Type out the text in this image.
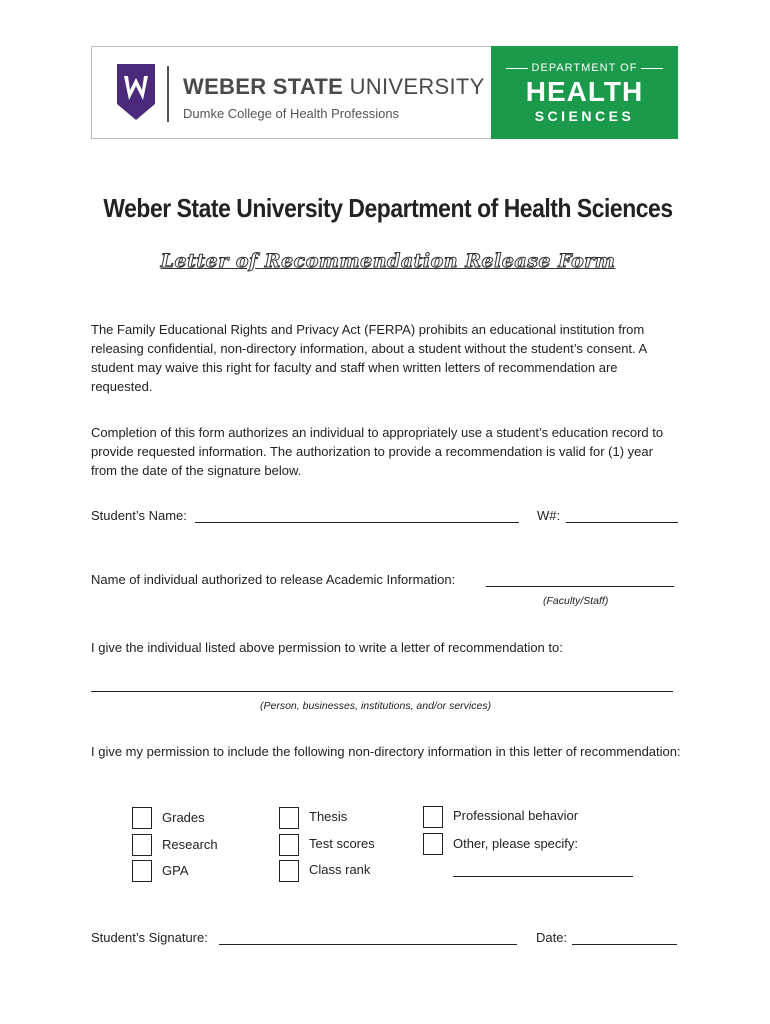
WEBER STATE UNIVERSITY
Dumke College of Health Professions
DEPARTMENT OF
HEALTH
SCIENCES
Weber State University Department of Health Sciences
Letter of Recommendation Release Form
The Family Educational Rights and Privacy Act (FERPA) prohibits an educational institution from releasing confidential, non-directory information, about a student without the student’s consent. A student may waive this right for faculty and staff when written letters of recommendation are requested.
Completion of this form authorizes an individual to appropriately use a student’s education record to provide requested information. The authorization to provide a recommendation is valid for (1) year from the date of the signature below.
Student’s Name:	W#:
Name of individual authorized to release Academic Information:
(Faculty/Staff)
I give the individual listed above permission to write a letter of recommendation to:
(Person, businesses, institutions, and/or services)
I give my permission to include the following non-directory information in this letter of recommendation:
Grades
Research
GPA
Thesis
Test scores
Class rank
Professional behavior
Other, please specify:
Student’s Signature:	Date:
